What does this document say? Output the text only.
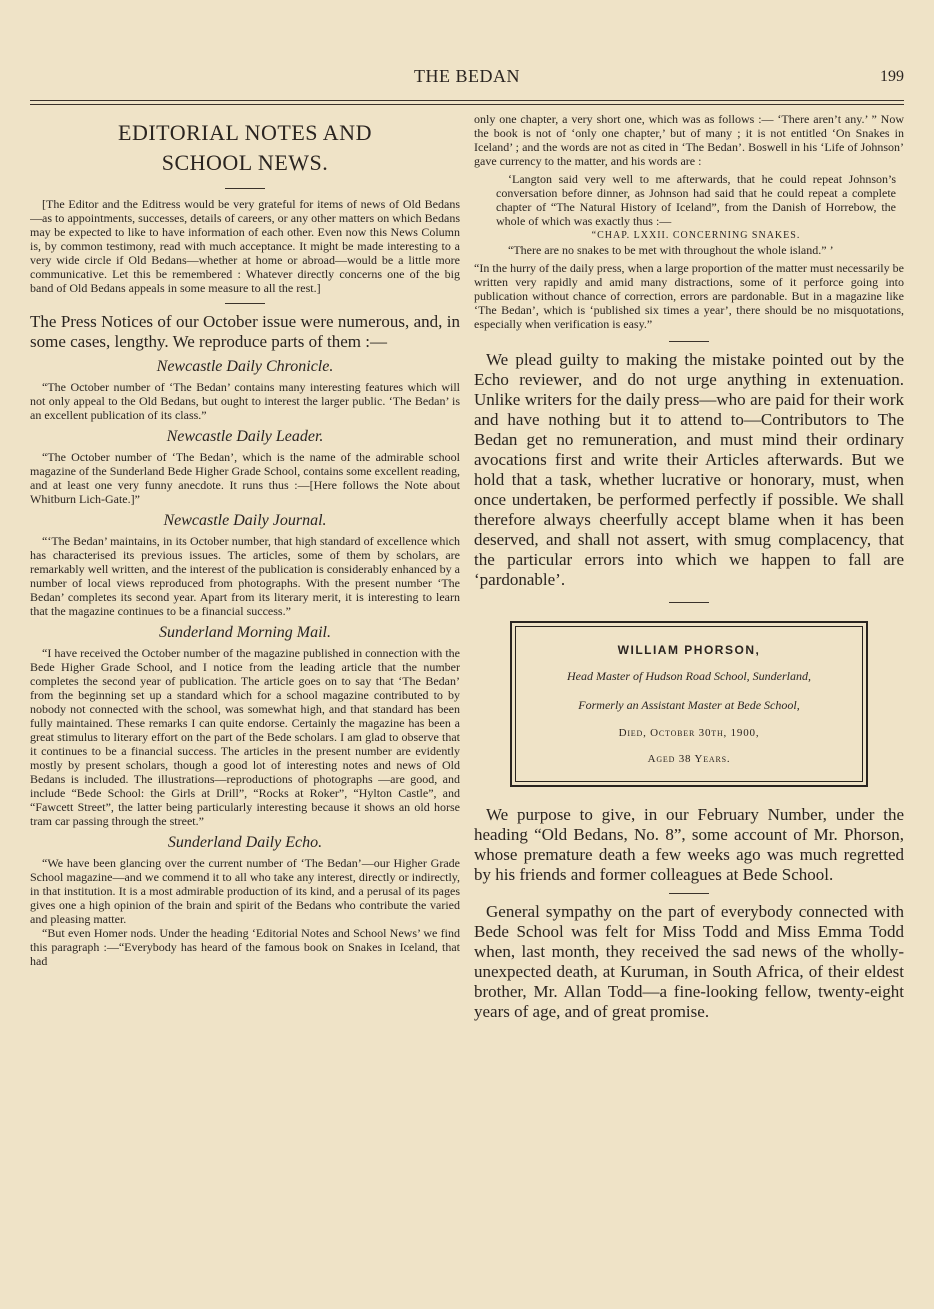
THE BEDAN	199
EDITORIAL NOTES AND
SCHOOL NEWS.

[The Editor and the Editress would be very grateful for items of news of Old Bedans—as to appointments, successes, details of careers, or any other matters on which Bedans may be expected to like to have information of each other. Even now this News Column is, by common testimony, read with much acceptance. It might be made interesting to a very wide circle if Old Bedans—whether at home or abroad—would be a little more communicative. Let this be remembered : Whatever directly concerns one of the big band of Old Bedans appeals in some measure to all the rest.]

The Press Notices of our October issue were numerous, and, in some cases, lengthy. We reproduce parts of them :—

Newcastle Daily Chronicle.

“The October number of ‘The Bedan’ contains many interesting features which will not only appeal to the Old Bedans, but ought to interest the larger public. ‘The Bedan’ is an excellent publication of its class.”

Newcastle Daily Leader.

“The October number of ‘The Bedan’, which is the name of the admirable school magazine of the Sunderland Bede Higher Grade School, contains some excellent reading, and at least one very funny anecdote. It runs thus :—[Here follows the Note about Whitburn Lich-Gate.]”

Newcastle Daily Journal.

“‘The Bedan’ maintains, in its October number, that high standard of excellence which has characterised its previous issues. The articles, some of them by scholars, are remarkably well written, and the interest of the publication is considerably enhanced by a number of local views reproduced from photographs. With the present number ‘The Bedan’ completes its second year. Apart from its literary merit, it is interesting to learn that the magazine continues to be a financial success.”

Sunderland Morning Mail.

“I have received the October number of the magazine published in connection with the Bede Higher Grade School, and I notice from the leading article that the number completes the second year of publication. The article goes on to say that ‘The Bedan’ from the beginning set up a standard which for a school magazine contributed to by nobody not connected with the school, was somewhat high, and that standard has been fully maintained. These remarks I can quite endorse. Certainly the magazine has been a great stimulus to literary effort on the part of the Bede scholars. I am glad to observe that it continues to be a financial success. The articles in the present number are evidently mostly by present scholars, though a good lot of interesting notes and news of Old Bedans is included. The illustrations—reproductions of photographs —are good, and include “Bede School: the Girls at Drill”, “Rocks at Roker”, “Hylton Castle”, and “Fawcett Street”, the latter being particularly interesting because it shows an old horse tram car passing through the street.”

Sunderland Daily Echo.

“We have been glancing over the current number of ‘The Bedan’—our Higher Grade School magazine—and we commend it to all who take any interest, directly or indirectly, in that institution. It is a most admirable production of its kind, and a perusal of its pages gives one a high opinion of the brain and spirit of the Bedans who contribute the varied and pleasing matter.

“But even Homer nods. Under the heading ‘Editorial Notes and School News’ we find this paragraph :—“Everybody has heard of the famous book on Snakes in Iceland, that had

only one chapter, a very short one, which was as follows :— ‘There aren’t any.’ ” Now the book is not of ‘only one chapter,’ but of many ; it is not entitled ‘On Snakes in Iceland’ ; and the words are not as cited in ‘The Bedan’. Boswell in his ‘Life of Johnson’ gave currency to the matter, and his words are :

‘Langton said very well to me afterwards, that he could repeat Johnson’s conversation before dinner, as Johnson had said that he could repeat a complete chapter of “The Natural History of Iceland”, from the Danish of Horrebow, the whole of which was exactly thus :—

“CHAP. LXXII. CONCERNING SNAKES.

“There are no snakes to be met with throughout the whole island.” ’

“In the hurry of the daily press, when a large proportion of the matter must necessarily be written very rapidly and amid many distractions, some of it perforce going into publication without chance of correction, errors are pardonable. But in a magazine like ‘The Bedan’, which is ‘published six times a year’, there should be no misquotations, especially when verification is easy.”

We plead guilty to making the mistake pointed out by the Echo reviewer, and do not urge anything in extenuation. Unlike writers for the daily press—who are paid for their work and have nothing but it to attend to—Contributors to The Bedan get no remuneration, and must mind their ordinary avocations first and write their Articles afterwards. But we hold that a task, whether lucrative or honorary, must, when once undertaken, be performed perfectly if possible. We shall therefore always cheerfully accept blame when it has been deserved, and shall not assert, with smug complacency, that the particular errors into which we happen to fall are ‘pardonable’.

WILLIAM PHORSON,
Head Master of Hudson Road School, Sunderland,
Formerly an Assistant Master at Bede School,
Died, October 30th, 1900,
Aged 38 Years.

We purpose to give, in our February Number, under the heading “Old Bedans, No. 8”, some account of Mr. Phorson, whose premature death a few weeks ago was much regretted by his friends and former colleagues at Bede School.

General sympathy on the part of everybody connected with Bede School was felt for Miss Todd and Miss Emma Todd when, last month, they received the sad news of the wholly-unexpected death, at Kuruman, in South Africa, of their eldest brother, Mr. Allan Todd—a fine-looking fellow, twenty-eight years of age, and of great promise.
